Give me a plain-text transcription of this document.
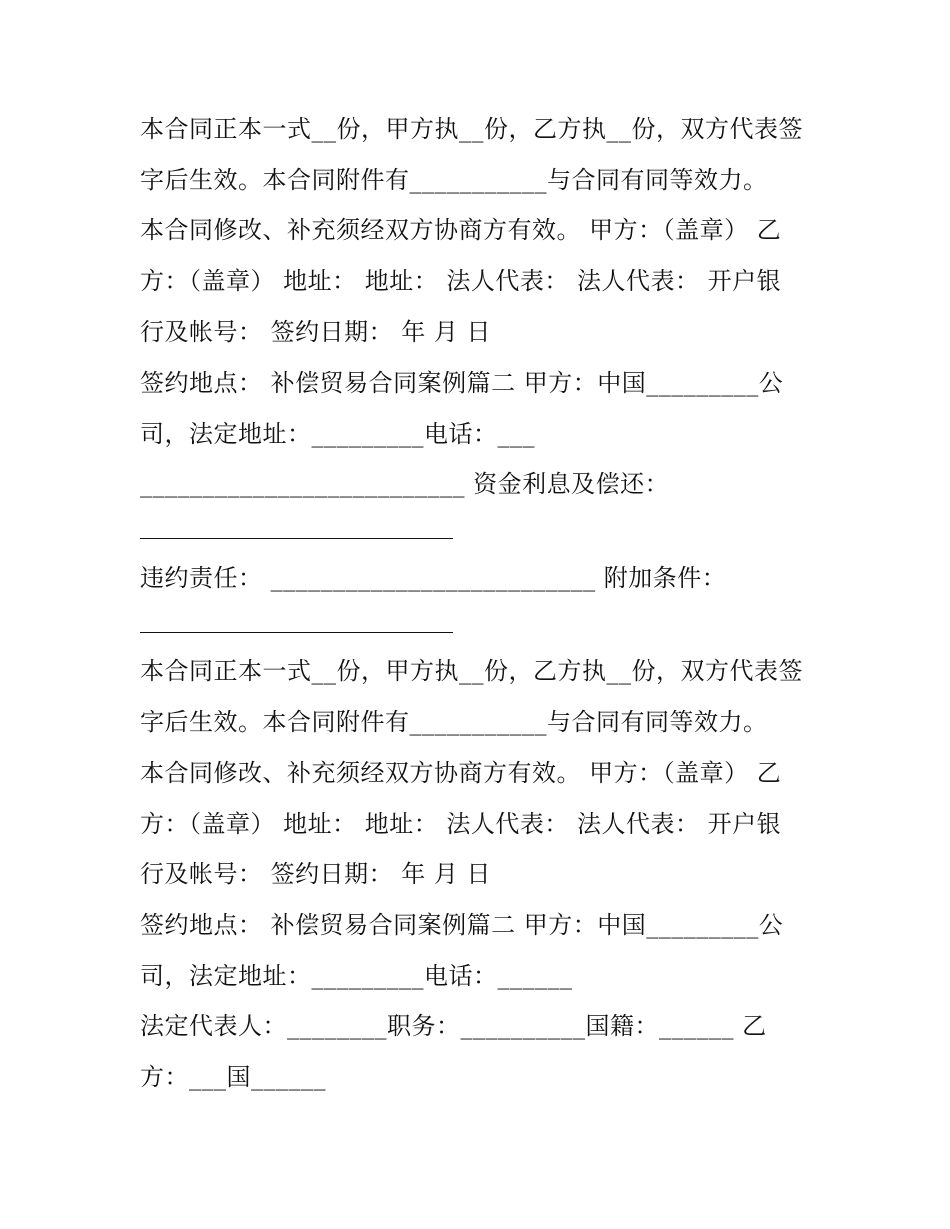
本合同正本一式__份，甲方执__份，乙方执__份，双方代表签
字后生效。本合同附件有___________与合同有同等效力。
本合同修改、补充须经双方协商方有效。 甲方：（盖章） 乙
方：（盖章） 地址： 地址： 法人代表： 法人代表： 开户银
行及帐号： 签约日期： 年 月 日
签约地点： 补偿贸易合同案例篇二 甲方：中国_________公
司，法定地址：_________电话：___
__________________________ 资金利息及偿还：
违约责任： __________________________ 附加条件：
本合同正本一式__份，甲方执__份，乙方执__份，双方代表签
字后生效。本合同附件有___________与合同有同等效力。
本合同修改、补充须经双方协商方有效。 甲方：（盖章） 乙
方：（盖章） 地址： 地址： 法人代表： 法人代表： 开户银
行及帐号： 签约日期： 年 月 日
签约地点： 补偿贸易合同案例篇二 甲方：中国_________公
司，法定地址：_________电话：______
法定代表人：________职务：__________国籍：______ 乙
方：___国______
